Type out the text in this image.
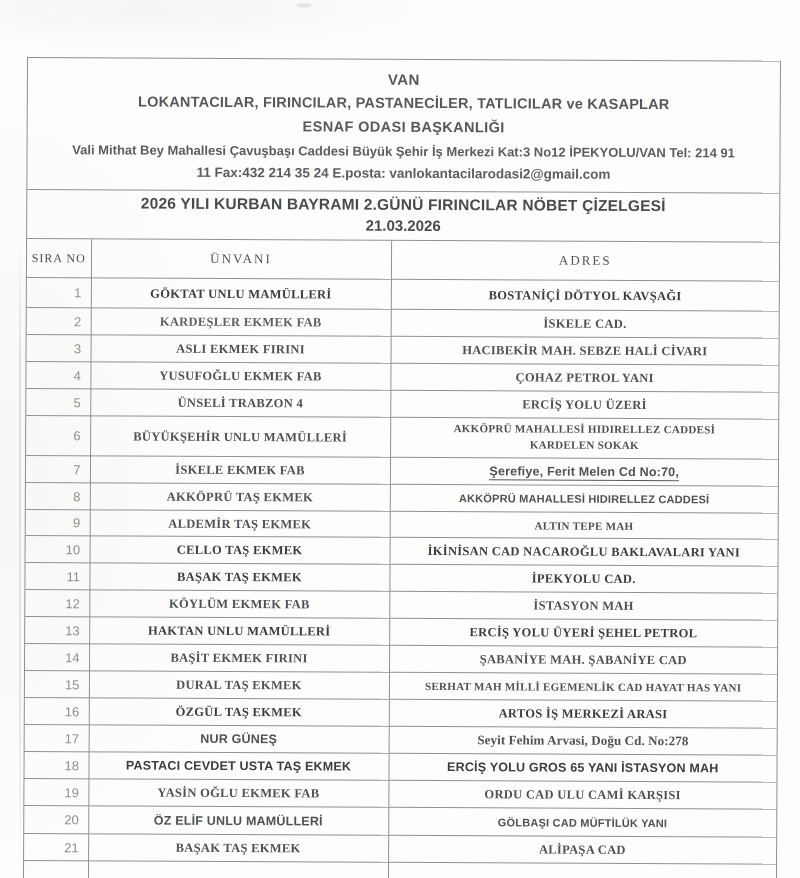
VAN
LOKANTACILAR, FIRINCILAR, PASTANECİLER, TATLICILAR ve KASAPLAR
ESNAF ODASI BAŞKANLIĞI
Vali Mithat Bey Mahallesi Çavuşbaşı Caddesi Büyük Şehir İş Merkezi Kat:3 No12 İPEKYOLU/VAN Tel: 214 91
11 Fax:432 214 35 24 E.posta: vanlokantacilarodasi2@gmail.com
2026 YILI KURBAN BAYRAMI 2.GÜNÜ FIRINCILAR NÖBET ÇİZELGESİ
21.03.2026
SIRA NO	ÜNVANI	ADRES
1	GÖKTAT UNLU MAMÜLLERİ	BOSTANİÇİ DÖTYOL KAVŞAĞI
2	KARDEŞLER EKMEK FAB	İSKELE CAD.
3	ASLI EKMEK FIRINI	HACIBEKİR MAH. SEBZE HALİ CİVARI
4	YUSUFOĞLU EKMEK FAB	ÇOHAZ PETROL YANI
5	ÜNSELİ TRABZON 4	ERCİŞ YOLU ÜZERİ
6	BÜYÜKŞEHİR UNLU MAMÜLLERİ	AKKÖPRÜ MAHALLESİ HIDIRELLEZ CADDESİ KARDELEN SOKAK
7	İSKELE EKMEK FAB	Şerefiye, Ferit Melen Cd No:70,
8	AKKÖPRÜ TAŞ EKMEK	AKKÖPRÜ MAHALLESİ HIDIRELLEZ CADDESİ
9	ALDEMİR TAŞ EKMEK	ALTIN TEPE MAH
10	CELLO TAŞ EKMEK	İKİNİSAN CAD NACAROĞLU BAKLAVALARI YANI
11	BAŞAK TAŞ EKMEK	İPEKYOLU CAD.
12	KÖYLÜM EKMEK FAB	İSTASYON MAH
13	HAKTAN UNLU MAMÜLLERİ	ERCİŞ YOLU ÜYERİ ŞEHEL PETROL
14	BAŞİT EKMEK FIRINI	ŞABANİYE MAH. ŞABANİYE CAD
15	DURAL TAŞ EKMEK	SERHAT MAH MİLLİ EGEMENLİK CAD HAYAT HAS YANI
16	ÖZGÜL TAŞ EKMEK	ARTOS İŞ MERKEZİ ARASI
17	NUR GÜNEŞ	Seyit Fehim Arvasi, Doğu Cd. No:278
18	PASTACI CEVDET USTA TAŞ EKMEK	ERCİŞ YOLU GROS 65 YANI İSTASYON MAH
19	YASİN OĞLU EKMEK FAB	ORDU CAD ULU CAMİ KARŞISI
20	ÖZ ELİF UNLU MAMÜLLERİ	GÖLBAŞI CAD MÜFTİLÜK YANI
21	BAŞAK TAŞ EKMEK	ALİPAŞA CAD
